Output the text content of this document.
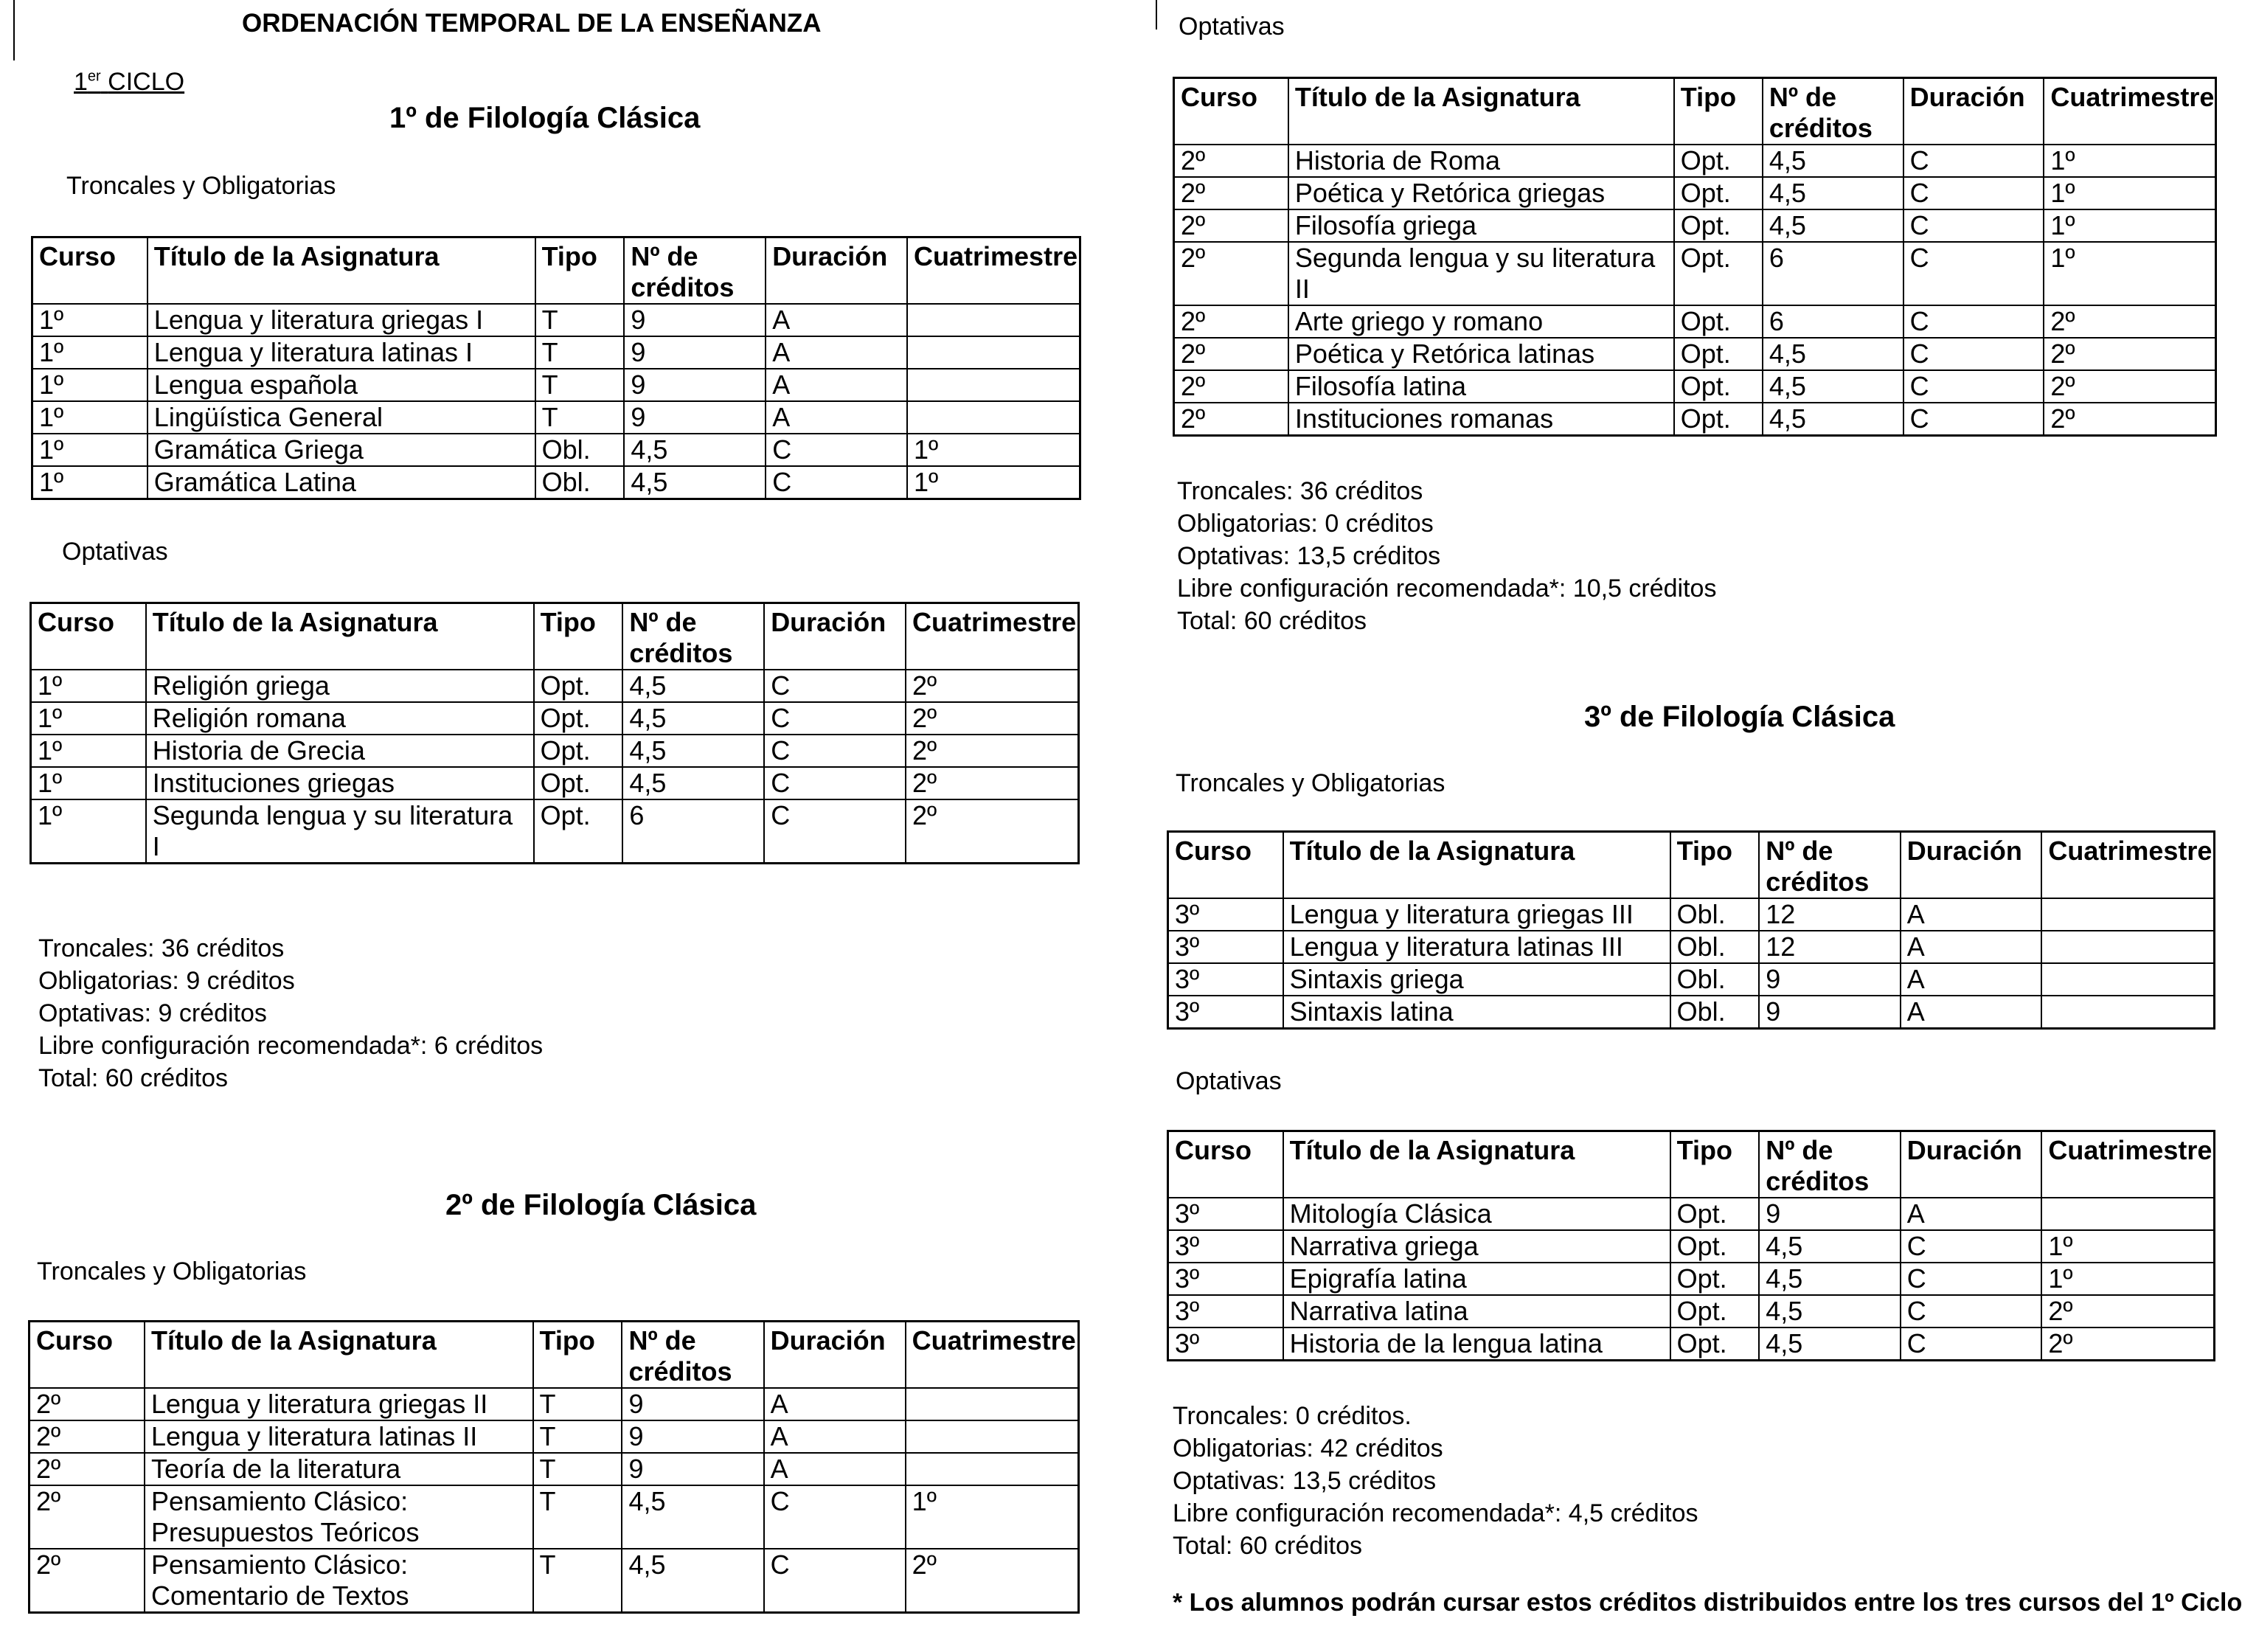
ORDENACIÓN TEMPORAL DE LA ENSEÑANZA
1er CICLO
1º de Filología Clásica
Troncales y Obligatorias
Curso	Título de la Asignatura	Tipo	Nº de créditos	Duración	Cuatrimestre
1º	Lengua y literatura griegas I	T	9	A	
1º	Lengua y literatura latinas I	T	9	A	
1º	Lengua española	T	9	A	
1º	Lingüística General	T	9	A	
1º	Gramática Griega	Obl.	4,5	C	1º
1º	Gramática Latina	Obl.	4,5	C	1º
Optativas
Curso	Título de la Asignatura	Tipo	Nº de créditos	Duración	Cuatrimestre
1º	Religión griega	Opt.	4,5	C	2º
1º	Religión romana	Opt.	4,5	C	2º
1º	Historia de Grecia	Opt.	4,5	C	2º
1º	Instituciones griegas	Opt.	4,5	C	2º
1º	Segunda lengua y su literatura I	Opt.	6	C	2º
Troncales: 36 créditos
Obligatorias: 9 créditos
Optativas: 9 créditos
Libre configuración recomendada*: 6 créditos
Total: 60 créditos
2º de Filología Clásica
Troncales y Obligatorias
Curso	Título de la Asignatura	Tipo	Nº de créditos	Duración	Cuatrimestre
2º	Lengua y literatura griegas II	T	9	A	
2º	Lengua y literatura latinas II	T	9	A	
2º	Teoría de la literatura	T	9	A	
2º	Pensamiento Clásico: Presupuestos Teóricos	T	4,5	C	1º
2º	Pensamiento Clásico: Comentario de Textos	T	4,5	C	2º
Optativas
Curso	Título de la Asignatura	Tipo	Nº de créditos	Duración	Cuatrimestre
2º	Historia de Roma	Opt.	4,5	C	1º
2º	Poética y Retórica griegas	Opt.	4,5	C	1º
2º	Filosofía griega	Opt.	4,5	C	1º
2º	Segunda lengua y su literatura II	Opt.	6	C	1º
2º	Arte griego y romano	Opt.	6	C	2º
2º	Poética y Retórica latinas	Opt.	4,5	C	2º
2º	Filosofía latina	Opt.	4,5	C	2º
2º	Instituciones romanas	Opt.	4,5	C	2º
Troncales: 36 créditos
Obligatorias: 0 créditos
Optativas: 13,5 créditos
Libre configuración recomendada*: 10,5 créditos
Total: 60 créditos
3º de Filología Clásica
Troncales y Obligatorias
Curso	Título de la Asignatura	Tipo	Nº de créditos	Duración	Cuatrimestre
3º	Lengua y literatura griegas III	Obl.	12	A	
3º	Lengua y literatura latinas III	Obl.	12	A	
3º	Sintaxis griega	Obl.	9	A	
3º	Sintaxis latina	Obl.	9	A	
Optativas
Curso	Título de la Asignatura	Tipo	Nº de créditos	Duración	Cuatrimestre
3º	Mitología Clásica	Opt.	9	A	
3º	Narrativa griega	Opt.	4,5	C	1º
3º	Epigrafía latina	Opt.	4,5	C	1º
3º	Narrativa latina	Opt.	4,5	C	2º
3º	Historia de la lengua latina	Opt.	4,5	C	2º
Troncales: 0 créditos.
Obligatorias: 42 créditos
Optativas: 13,5 créditos
Libre configuración recomendada*: 4,5 créditos
Total: 60 créditos
* Los alumnos podrán cursar estos créditos distribuidos entre los tres cursos del 1º Ciclo
